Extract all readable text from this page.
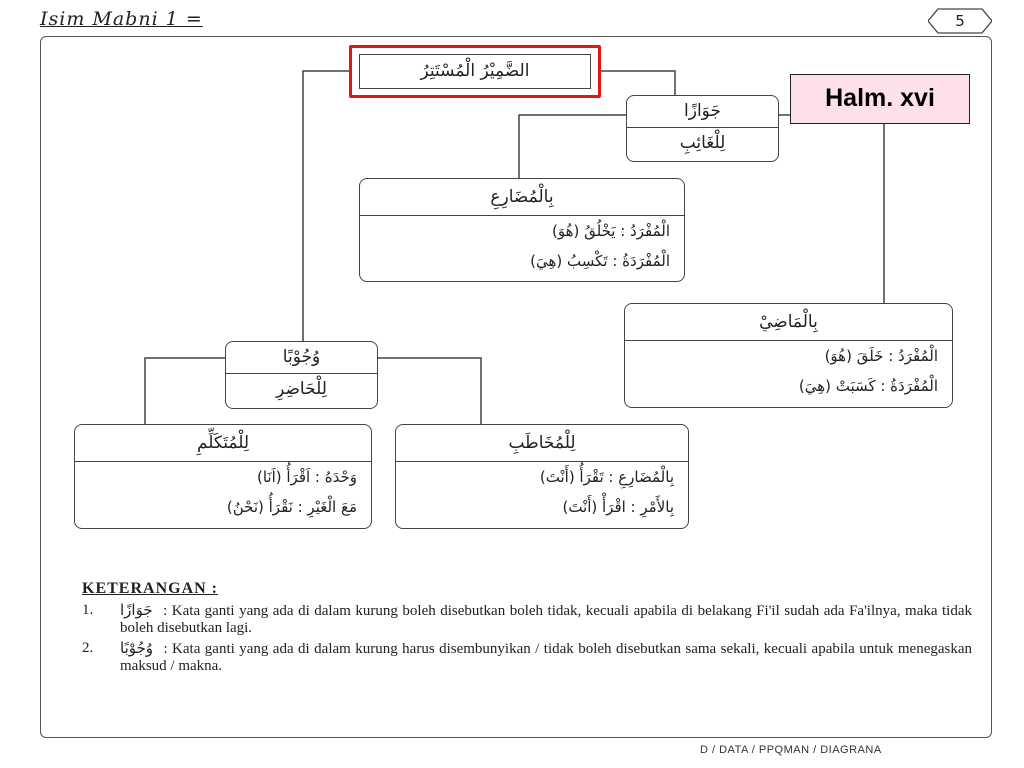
Isim Mabni 1 =	5
الضَّمِيْرُ الْمُسْتَتِرُ
Halm. xvi
جَوَازًا
لِلْغَائِبِ
بِالْمُضَارِعِ
الْمُفْرَدُ : يَخْلُقُ (هُوَ)
الْمُفْرَدَةُ : تَكْسِبُ (هِيَ)
بِالْمَاضِيْ
الْمُفْرَدُ : خَلَقَ (هُوَ)
الْمُفْرَدَةُ : كَسَبَتْ (هِيَ)
وُجُوْبًا
لِلْحَاضِرِ
لِلْمُتَكَلِّمِ
وَحْدَهُ : اَقْرَأُ (اَنَا)
مَعَ الْغَيْرِ : نَقْرَأُ (نَحْنُ)
لِلْمُخَاطَبِ
بِالْمُضَارِعِ : تَقْرَأُ (أَنْتَ)
بِالأَمْرِ : اقْرَأْ (أَنْتَ)
KETERANGAN :
1. جَوَازًا : Kata ganti yang ada di dalam kurung boleh disebutkan boleh tidak, kecuali apabila di belakang Fi'il sudah ada Fa'ilnya, maka tidak boleh disebutkan lagi.
2. وُجُوْبًا : Kata ganti yang ada di dalam kurung harus disembunyikan / tidak boleh disebutkan sama sekali, kecuali apabila untuk menegaskan maksud / makna.
D / DATA / PPQMAN / DIAGRANA
